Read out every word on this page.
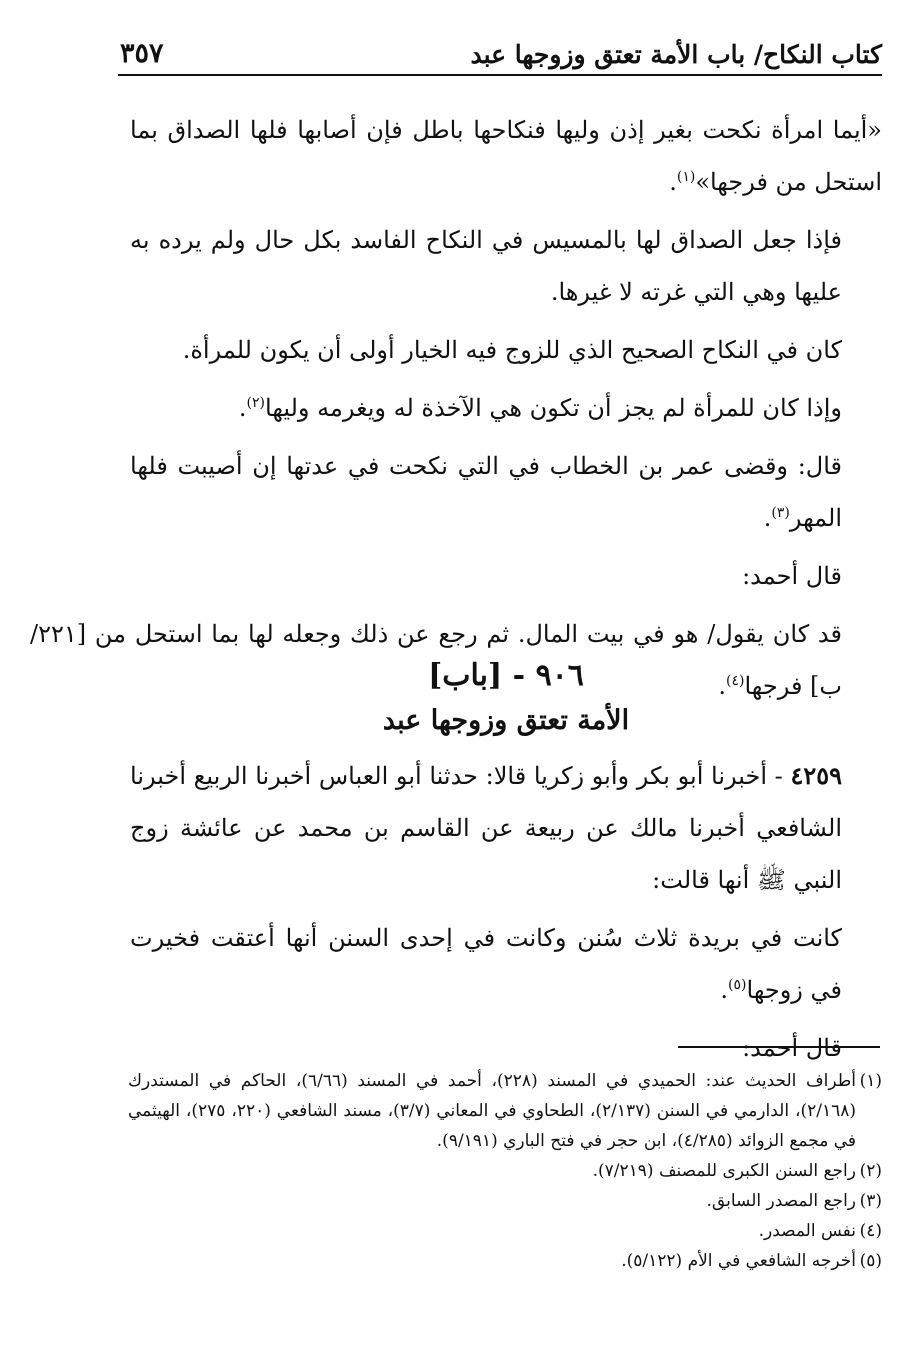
كتاب النكاح/ باب الأمة تعتق وزوجها عبد
٣٥٧

«أيما امرأة نكحت بغير إذن وليها فنكاحها باطل فإن أصابها فلها الصداق بما استحل من فرجها»$^{(١)}$.

فإذا جعل الصداق لها بالمسيس في النكاح الفاسد بكل حال ولم يرده به عليها وهي التي غرته لا غيرها.

كان في النكاح الصحيح الذي للزوج فيه الخيار أولى أن يكون للمرأة.

وإذا كان للمرأة لم يجز أن تكون هي الآخذة له ويغرمه وليها$^{(٢)}$.

قال: وقضى عمر بن الخطاب في التي نكحت في عدتها إن أصيبت فلها المهر$^{(٣)}$.

قال أحمد:

قد كان يقول/ هو في بيت المال. ثم رجع عن ذلك وجعله لها بما استحل من [٢٢١/ ب] فرجها$^{(٤)}$.

٩٠٦ - [باب]
الأمة تعتق وزوجها عبد

٤٢٥٩ - أخبرنا أبو بكر وأبو زكريا قالا: حدثنا أبو العباس أخبرنا الربيع أخبرنا الشافعي أخبرنا مالك عن ربيعة عن القاسم بن محمد عن عائشة زوج النبي ﷺ أنها قالت:

كانت في بريدة ثلاث سُنن وكانت في إحدى السنن أنها أعتقت فخيرت في زوجها$^{(٥)}$.

قال أحمد:

(١)
أطراف الحديث عند: الحميدي في المسند (٢٢٨)، أحمد في المسند (٦/٦٦)، الحاكم في المستدرك (٢/١٦٨)، الدارمي في السنن (٢/١٣٧)، الطحاوي في المعاني (٣/٧)، مسند الشافعي (٢٢٠، ٢٧٥)، الهيثمي في مجمع الزوائد (٤/٢٨٥)، ابن حجر في فتح الباري (٩/١٩١).

(٢)
راجع السنن الكبرى للمصنف (٧/٢١٩).

(٣)
راجع المصدر السابق.

(٤)
نفس المصدر.

(٥)
أخرجه الشافعي في الأم (٥/١٢٢).
